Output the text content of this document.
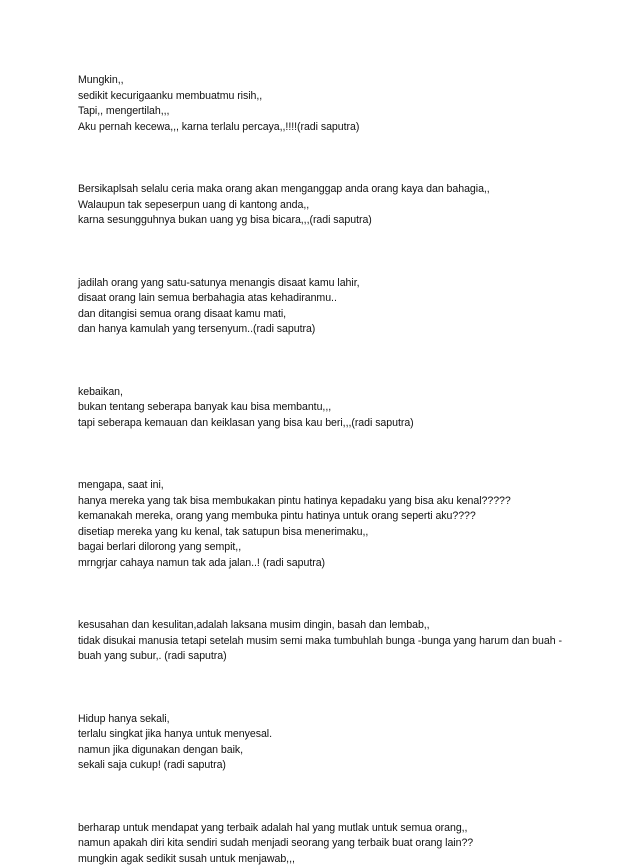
Mungkin,,
sedikit kecurigaanku membuatmu risih,,
Tapi,, mengertilah,,,
Aku pernah kecewa,,, karna terlalu percaya,,!!!!(radi saputra)
Bersikaplsah selalu ceria maka orang akan menganggap anda orang kaya dan bahagia,,
Walaupun tak sepeserpun uang di kantong anda,,
karna sesungguhnya bukan uang yg bisa bicara,,,(radi saputra)
jadilah orang yang satu-satunya menangis disaat kamu lahir,
disaat orang lain semua berbahagia atas kehadiranmu..
dan ditangisi semua orang disaat kamu mati,
dan hanya kamulah yang tersenyum..(radi saputra)
kebaikan,
bukan tentang seberapa banyak kau bisa membantu,,,
tapi seberapa kemauan dan keiklasan yang bisa kau beri,,,(radi saputra)
mengapa, saat ini,
hanya mereka yang tak bisa membukakan pintu hatinya kepadaku yang bisa aku kenal?????
kemanakah mereka, orang yang membuka pintu hatinya untuk orang seperti aku????
disetiap mereka yang ku kenal, tak satupun bisa menerimaku,,
bagai berlari dilorong yang sempit,,
mrngrjar cahaya namun tak ada jalan..! (radi saputra)
kesusahan dan kesulitan,adalah laksana musim dingin, basah dan lembab,,
tidak disukai manusia tetapi setelah musim semi maka tumbuhlah bunga -bunga yang harum dan buah -
buah yang subur,. (radi saputra)
Hidup hanya sekali,
terlalu singkat jika hanya untuk menyesal.
namun jika digunakan dengan baik,
sekali saja cukup! (radi saputra)
berharap untuk mendapat yang terbaik adalah hal yang mutlak untuk semua orang,,
namun apakah diri kita sendiri sudah menjadi seorang yang terbaik buat orang lain??
mungkin agak sedikit susah untuk menjawab,,,
